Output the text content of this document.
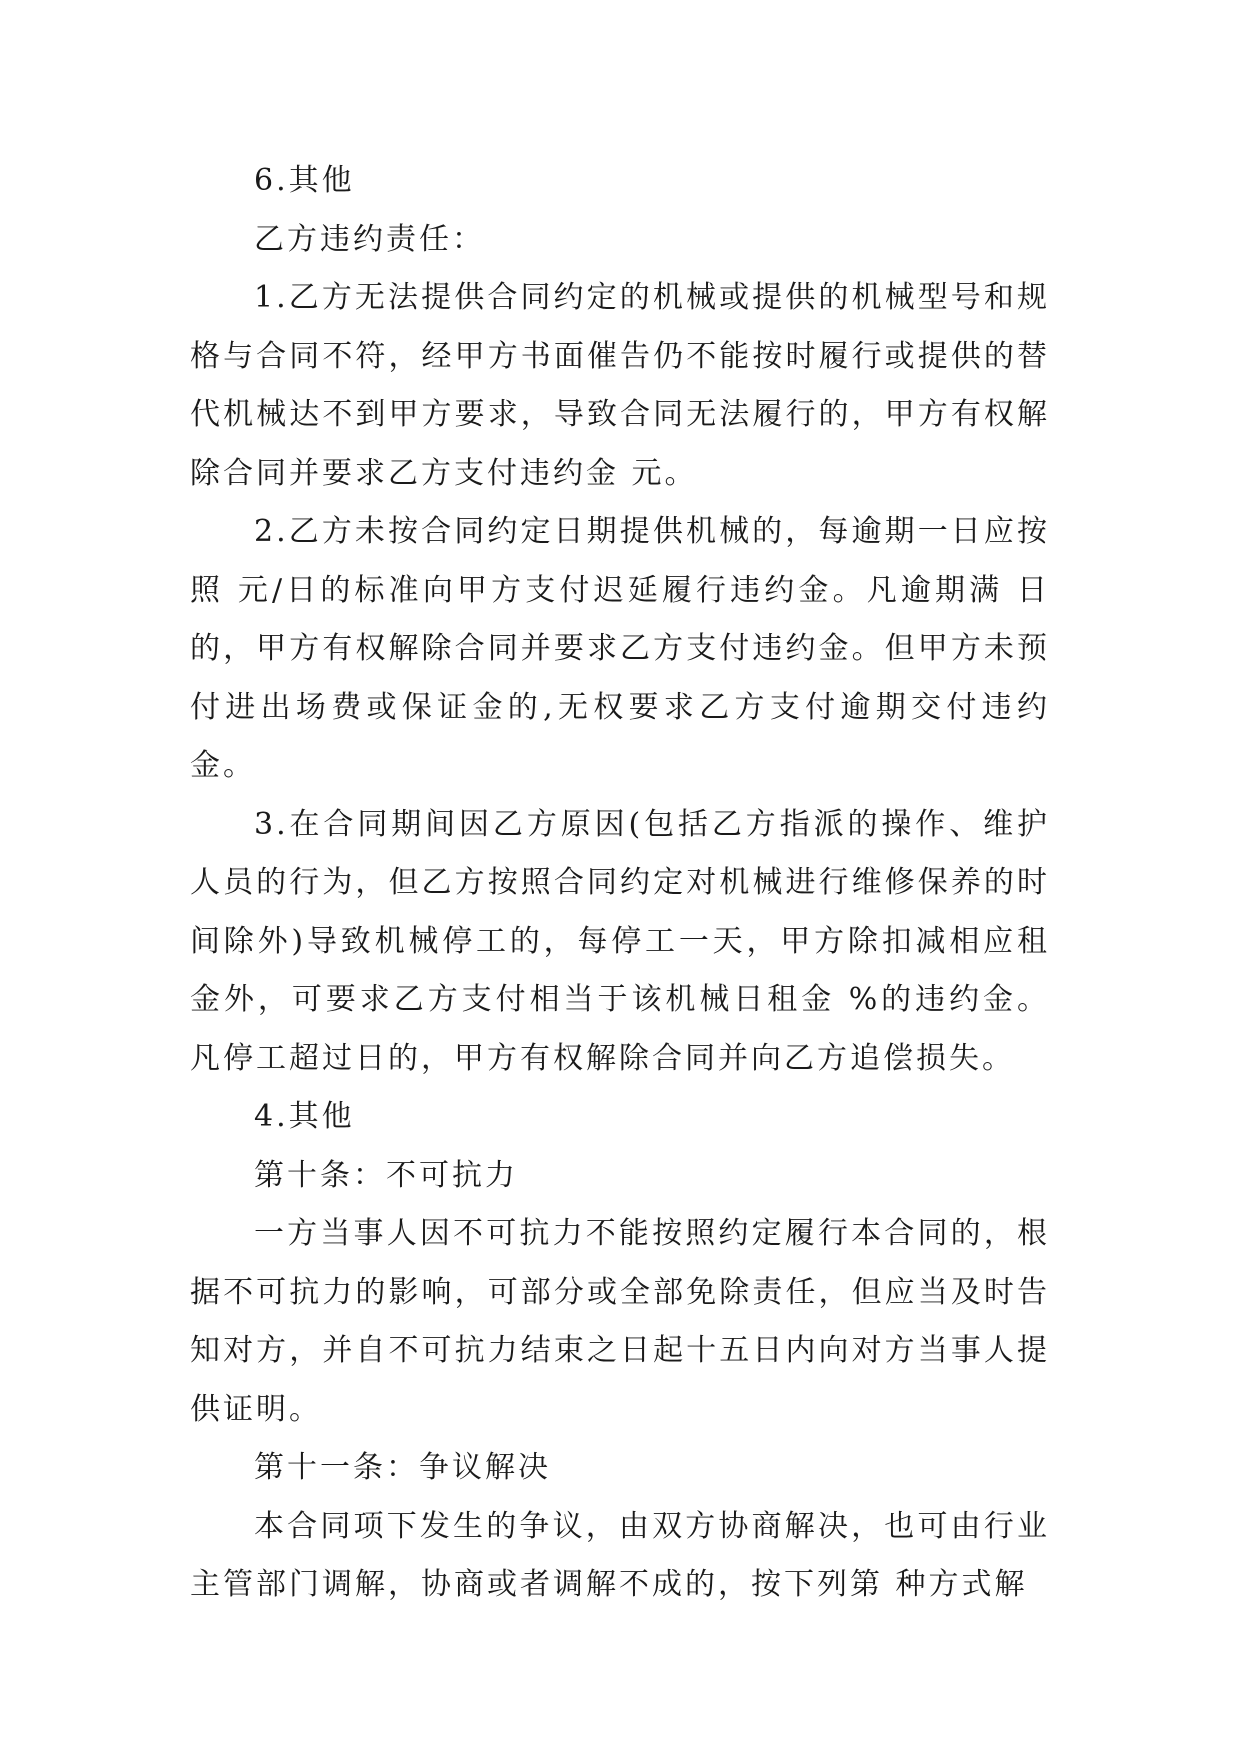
6.其他

乙方违约责任：

1.乙方无法提供合同约定的机械或提供的机械型号和规格与合同不符，经甲方书面催告仍不能按时履行或提供的替代机械达不到甲方要求，导致合同无法履行的，甲方有权解除合同并要求乙方支付违约金 元。

2.乙方未按合同约定日期提供机械的，每逾期一日应按照 元/日的标准向甲方支付迟延履行违约金。凡逾期满 日的，甲方有权解除合同并要求乙方支付违约金。但甲方未预付进出场费或保证金的,无权要求乙方支付逾期交付违约金。

3.在合同期间因乙方原因(包括乙方指派的操作、维护人员的行为，但乙方按照合同约定对机械进行维修保养的时间除外)导致机械停工的，每停工一天，甲方除扣减相应租金外，可要求乙方支付相当于该机械日租金 %的违约金。凡停工超过日的，甲方有权解除合同并向乙方追偿损失。

4.其他

第十条：不可抗力

一方当事人因不可抗力不能按照约定履行本合同的，根据不可抗力的影响，可部分或全部免除责任，但应当及时告知对方，并自不可抗力结束之日起十五日内向对方当事人提供证明。

第十一条：争议解决

本合同项下发生的争议，由双方协商解决，也可由行业主管部门调解，协商或者调解不成的，按下列第 种方式解
